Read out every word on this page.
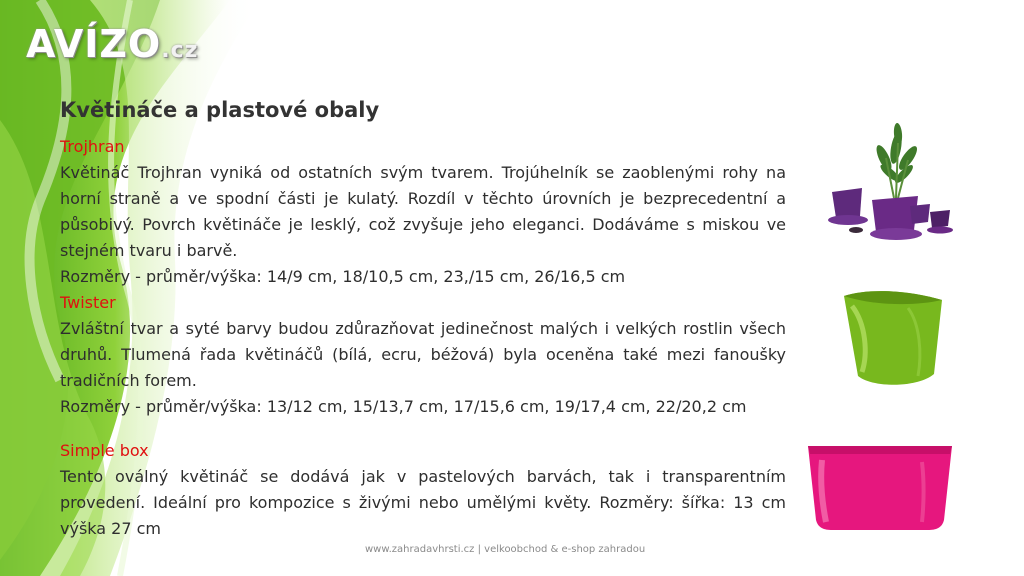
AVÍZO.cz
Květináče a plastové obaly

Trojhran

Květináč Trojhran vyniká od ostatních svým tvarem. Trojúhelník se zaoblenými rohy na horní straně a ve spodní části je kulatý. Rozdíl v těchto úrovních je bezprecedentní a působivý. Povrch květináče je lesklý, což zvyšuje jeho eleganci. Dodáváme s miskou ve stejném tvaru i barvě.

Rozměry - průměr/výška: 14/9 cm, 18/10,5 cm, 23,/15 cm, 26/16,5 cm

Twister

Zvláštní tvar a syté barvy budou zdůrazňovat jedinečnost malých i velkých rostlin všech druhů. Tlumená řada květináčů (bílá, ecru, béžová) byla oceněna také mezi fanoušky tradičních forem.

Rozměry - průměr/výška: 13/12 cm, 15/13,7 cm, 17/15,6 cm, 19/17,4 cm, 22/20,2 cm

Simple box

Tento oválný květináč se dodává jak v pastelových barvách, tak i transparentním provedení. Ideální pro kompozice s živými nebo umělými květy. Rozměry: šířka: 13 cm výška 27 cm

www.zahradavhrsti.cz | velkoobchod & e-shop zahradou
